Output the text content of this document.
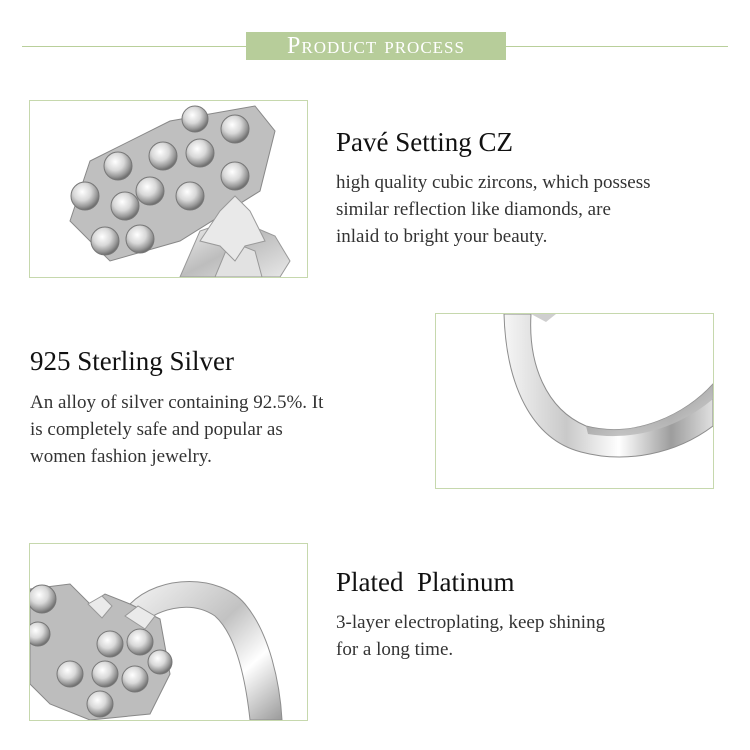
Product process
Pavé Setting CZ
high quality cubic zircons, which possess
similar reflection like diamonds, are
inlaid to bright your beauty.
925 Sterling Silver
An alloy of silver containing 92.5%. It
is completely safe and popular as
women fashion jewelry.
Plated  Platinum
3-layer electroplating, keep shining
for a long time.
